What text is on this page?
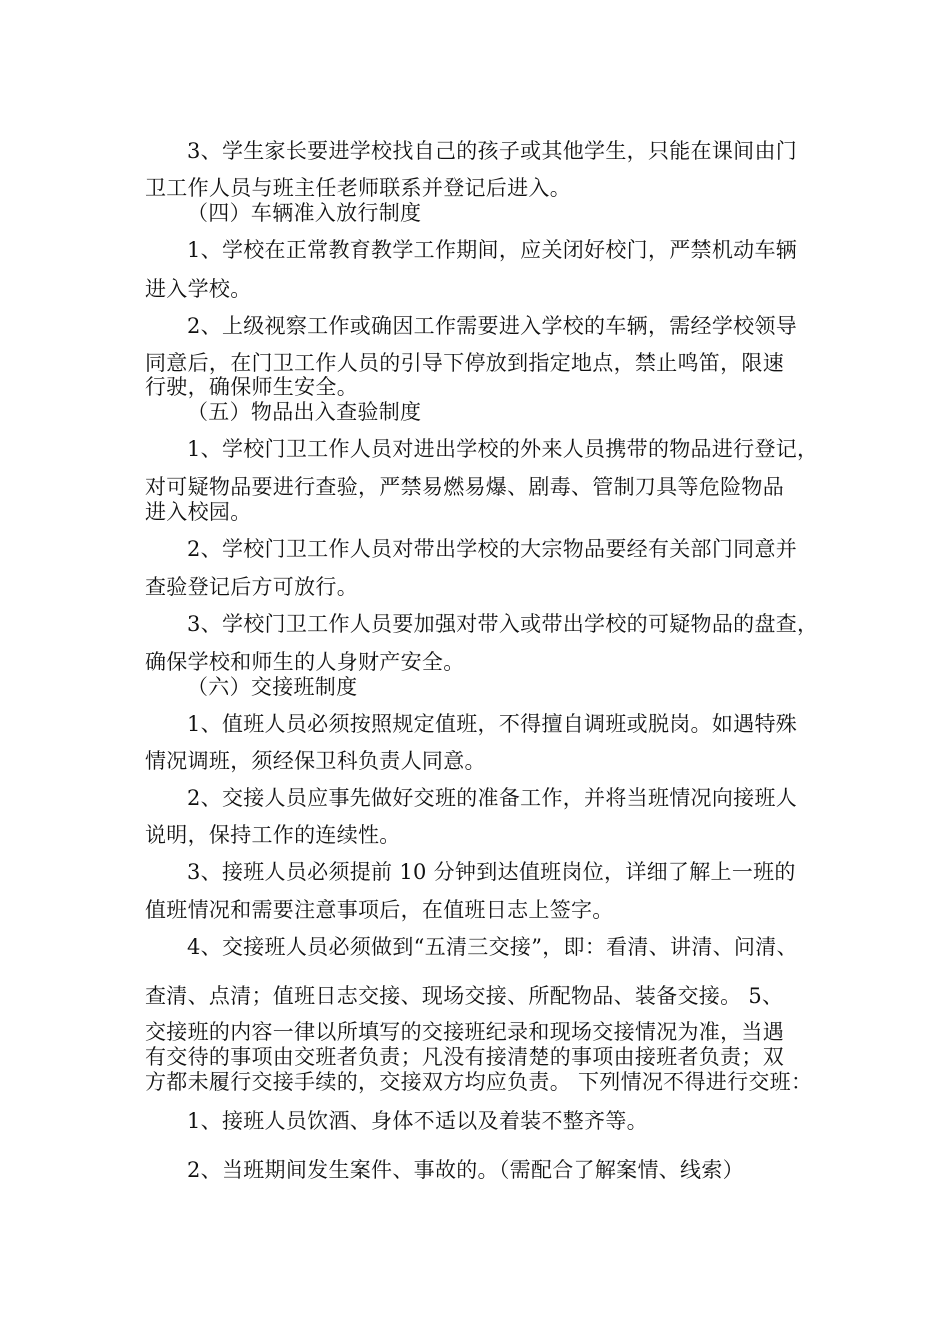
3、学生家长要进学校找自己的孩子或其他学生，只能在课间由门
卫工作人员与班主任老师联系并登记后进入。
（四）车辆准入放行制度
1、学校在正常教育教学工作期间，应关闭好校门，严禁机动车辆
进入学校。
2、上级视察工作或确因工作需要进入学校的车辆，需经学校领导
同意后，在门卫工作人员的引导下停放到指定地点，禁止鸣笛，限速
行驶，确保师生安全。
（五）物品出入查验制度
1、学校门卫工作人员对进出学校的外来人员携带的物品进行登记，
对可疑物品要进行查验，严禁易燃易爆、剧毒、管制刀具等危险物品
进入校园。
2、学校门卫工作人员对带出学校的大宗物品要经有关部门同意并
查验登记后方可放行。
3、学校门卫工作人员要加强对带入或带出学校的可疑物品的盘查，
确保学校和师生的人身财产安全。
（六）交接班制度
1、值班人员必须按照规定值班，不得擅自调班或脱岗。如遇特殊
情况调班，须经保卫科负责人同意。
2、交接人员应事先做好交班的准备工作，并将当班情况向接班人
说明，保持工作的连续性。
3、接班人员必须提前 10 分钟到达值班岗位，详细了解上一班的
值班情况和需要注意事项后，在值班日志上签字。
4、交接班人员必须做到“五清三交接”，即：看清、讲清、问清、
查清、点清；值班日志交接、现场交接、所配物品、装备交接。 5、
交接班的内容一律以所填写的交接班纪录和现场交接情况为准，当遇
有交待的事项由交班者负责；凡没有接清楚的事项由接班者负责；双
方都未履行交接手续的，交接双方均应负责。 下列情况不得进行交班：
1、接班人员饮酒、身体不适以及着装不整齐等。
2、当班期间发生案件、事故的。（需配合了解案情、线索）
